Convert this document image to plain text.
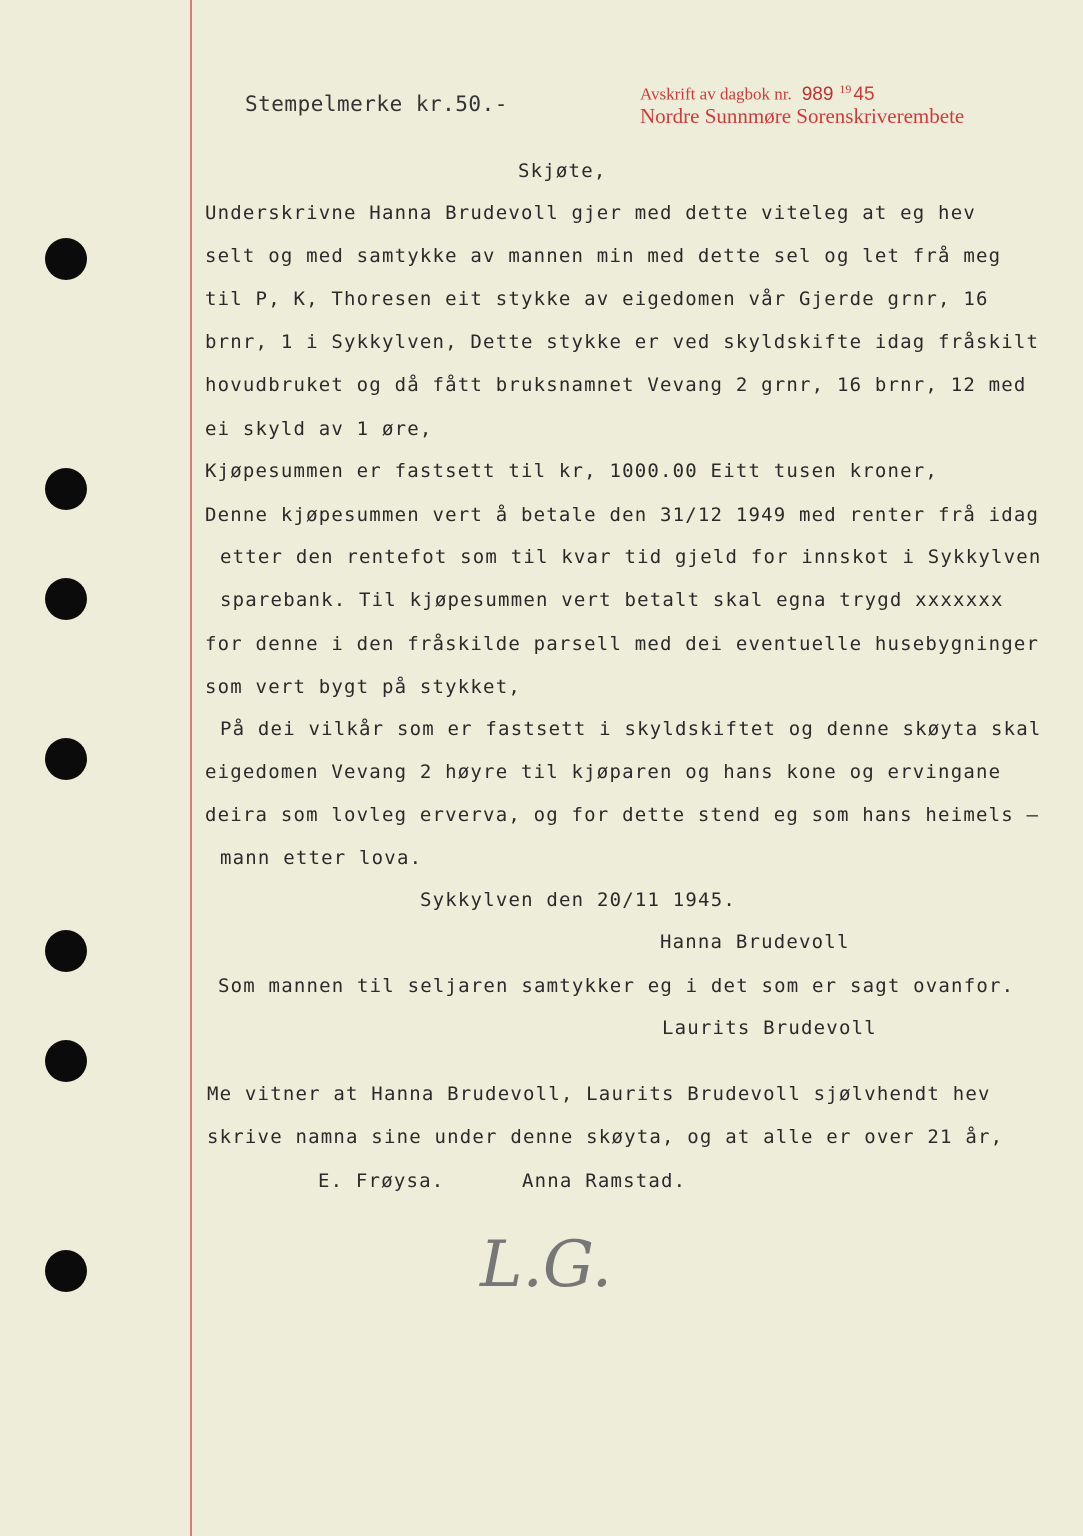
Stempelmerke kr.50.-	Avskrift av dagbok nr. 989 $^{19}$ 45
Nordre Sunnmøre Sorenskriverembete
Skjøte,
Underskrivne Hanna Brudevoll gjer med dette viteleg at eg hev
selt og med samtykke av mannen min med dette sel og let frå meg
til P, K, Thoresen eit stykke av eigedomen vår Gjerde grnr, 16
brnr, 1 i Sykkylven, Dette stykke er ved skyldskifte idag fråskilt
hovudbruket og då fått bruksnamnet Vevang 2 grnr, 16 brnr, 12 med
ei skyld av 1 øre,
Kjøpesummen er fastsett til kr, 1000.00 Eitt tusen kroner,
Denne kjøpesummen vert å betale den 31/12 1949 med renter frå idag
etter den rentefot som til kvar tid gjeld for innskot i Sykkylven
sparebank. Til kjøpesummen vert betalt skal egna trygd xxxxxxx
for denne i den fråskilde parsell med dei eventuelle husebygninger
som vert bygt på stykket,
På dei vilkår som er fastsett i skyldskiftet og denne skøyta skal
eigedomen Vevang 2 høyre til kjøparen og hans kone og ervingane
deira som lovleg erverva, og for dette stend eg som hans heimels —
mann etter lova.
Sykkylven den 20/11 1945.
Hanna Brudevoll
Som mannen til seljaren samtykker eg i det som er sagt ovanfor.
Laurits Brudevoll
Me vitner at Hanna Brudevoll, Laurits Brudevoll sjølvhendt hev
skrive namna sine under denne skøyta, og at alle er over 21 år,
E. Frøysa.	Anna Ramstad.
L.G.
